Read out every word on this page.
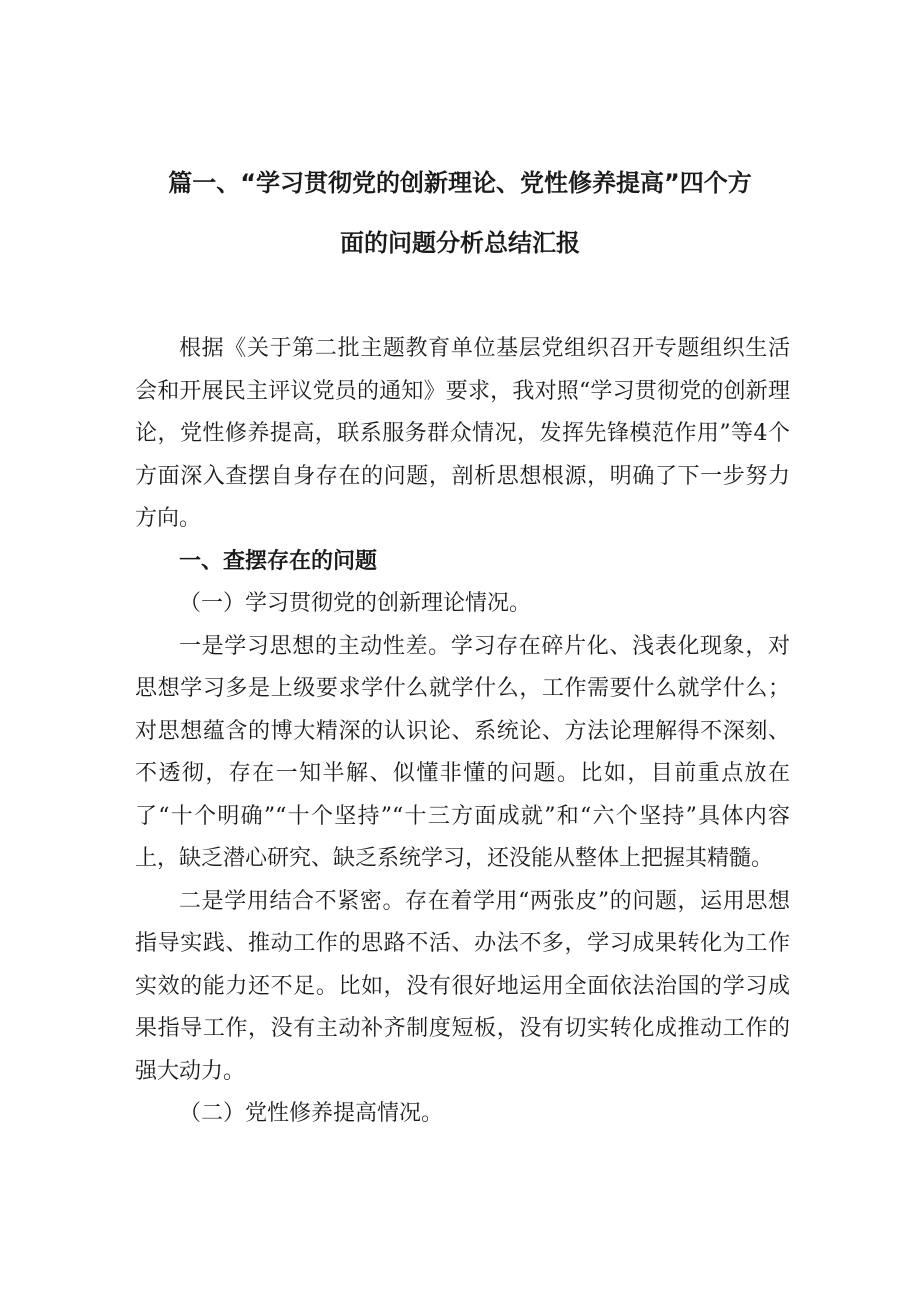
篇一、“学习贯彻党的创新理论、党性修养提高”四个方
面的问题分析总结汇报

根据《关于第二批主题教育单位基层党组织召开专题组织生活会和开展民主评议党员的通知》要求，我对照“学习贯彻党的创新理论，党性修养提高，联系服务群众情况，发挥先锋模范作用”等4个方面深入查摆自身存在的问题，剖析思想根源，明确了下一步努力方向。

一、查摆存在的问题

（一）学习贯彻党的创新理论情况。

一是学习思想的主动性差。学习存在碎片化、浅表化现象，对思想学习多是上级要求学什么就学什么，工作需要什么就学什么；对思想蕴含的博大精深的认识论、系统论、方法论理解得不深刻、不透彻，存在一知半解、似懂非懂的问题。比如，目前重点放在了“十个明确”“十个坚持”“十三方面成就”和“六个坚持”具体内容上，缺乏潜心研究、缺乏系统学习，还没能从整体上把握其精髓。

二是学用结合不紧密。存在着学用“两张皮”的问题，运用思想指导实践、推动工作的思路不活、办法不多，学习成果转化为工作实效的能力还不足。比如，没有很好地运用全面依法治国的学习成果指导工作，没有主动补齐制度短板，没有切实转化成推动工作的强大动力。

（二）党性修养提高情况。
